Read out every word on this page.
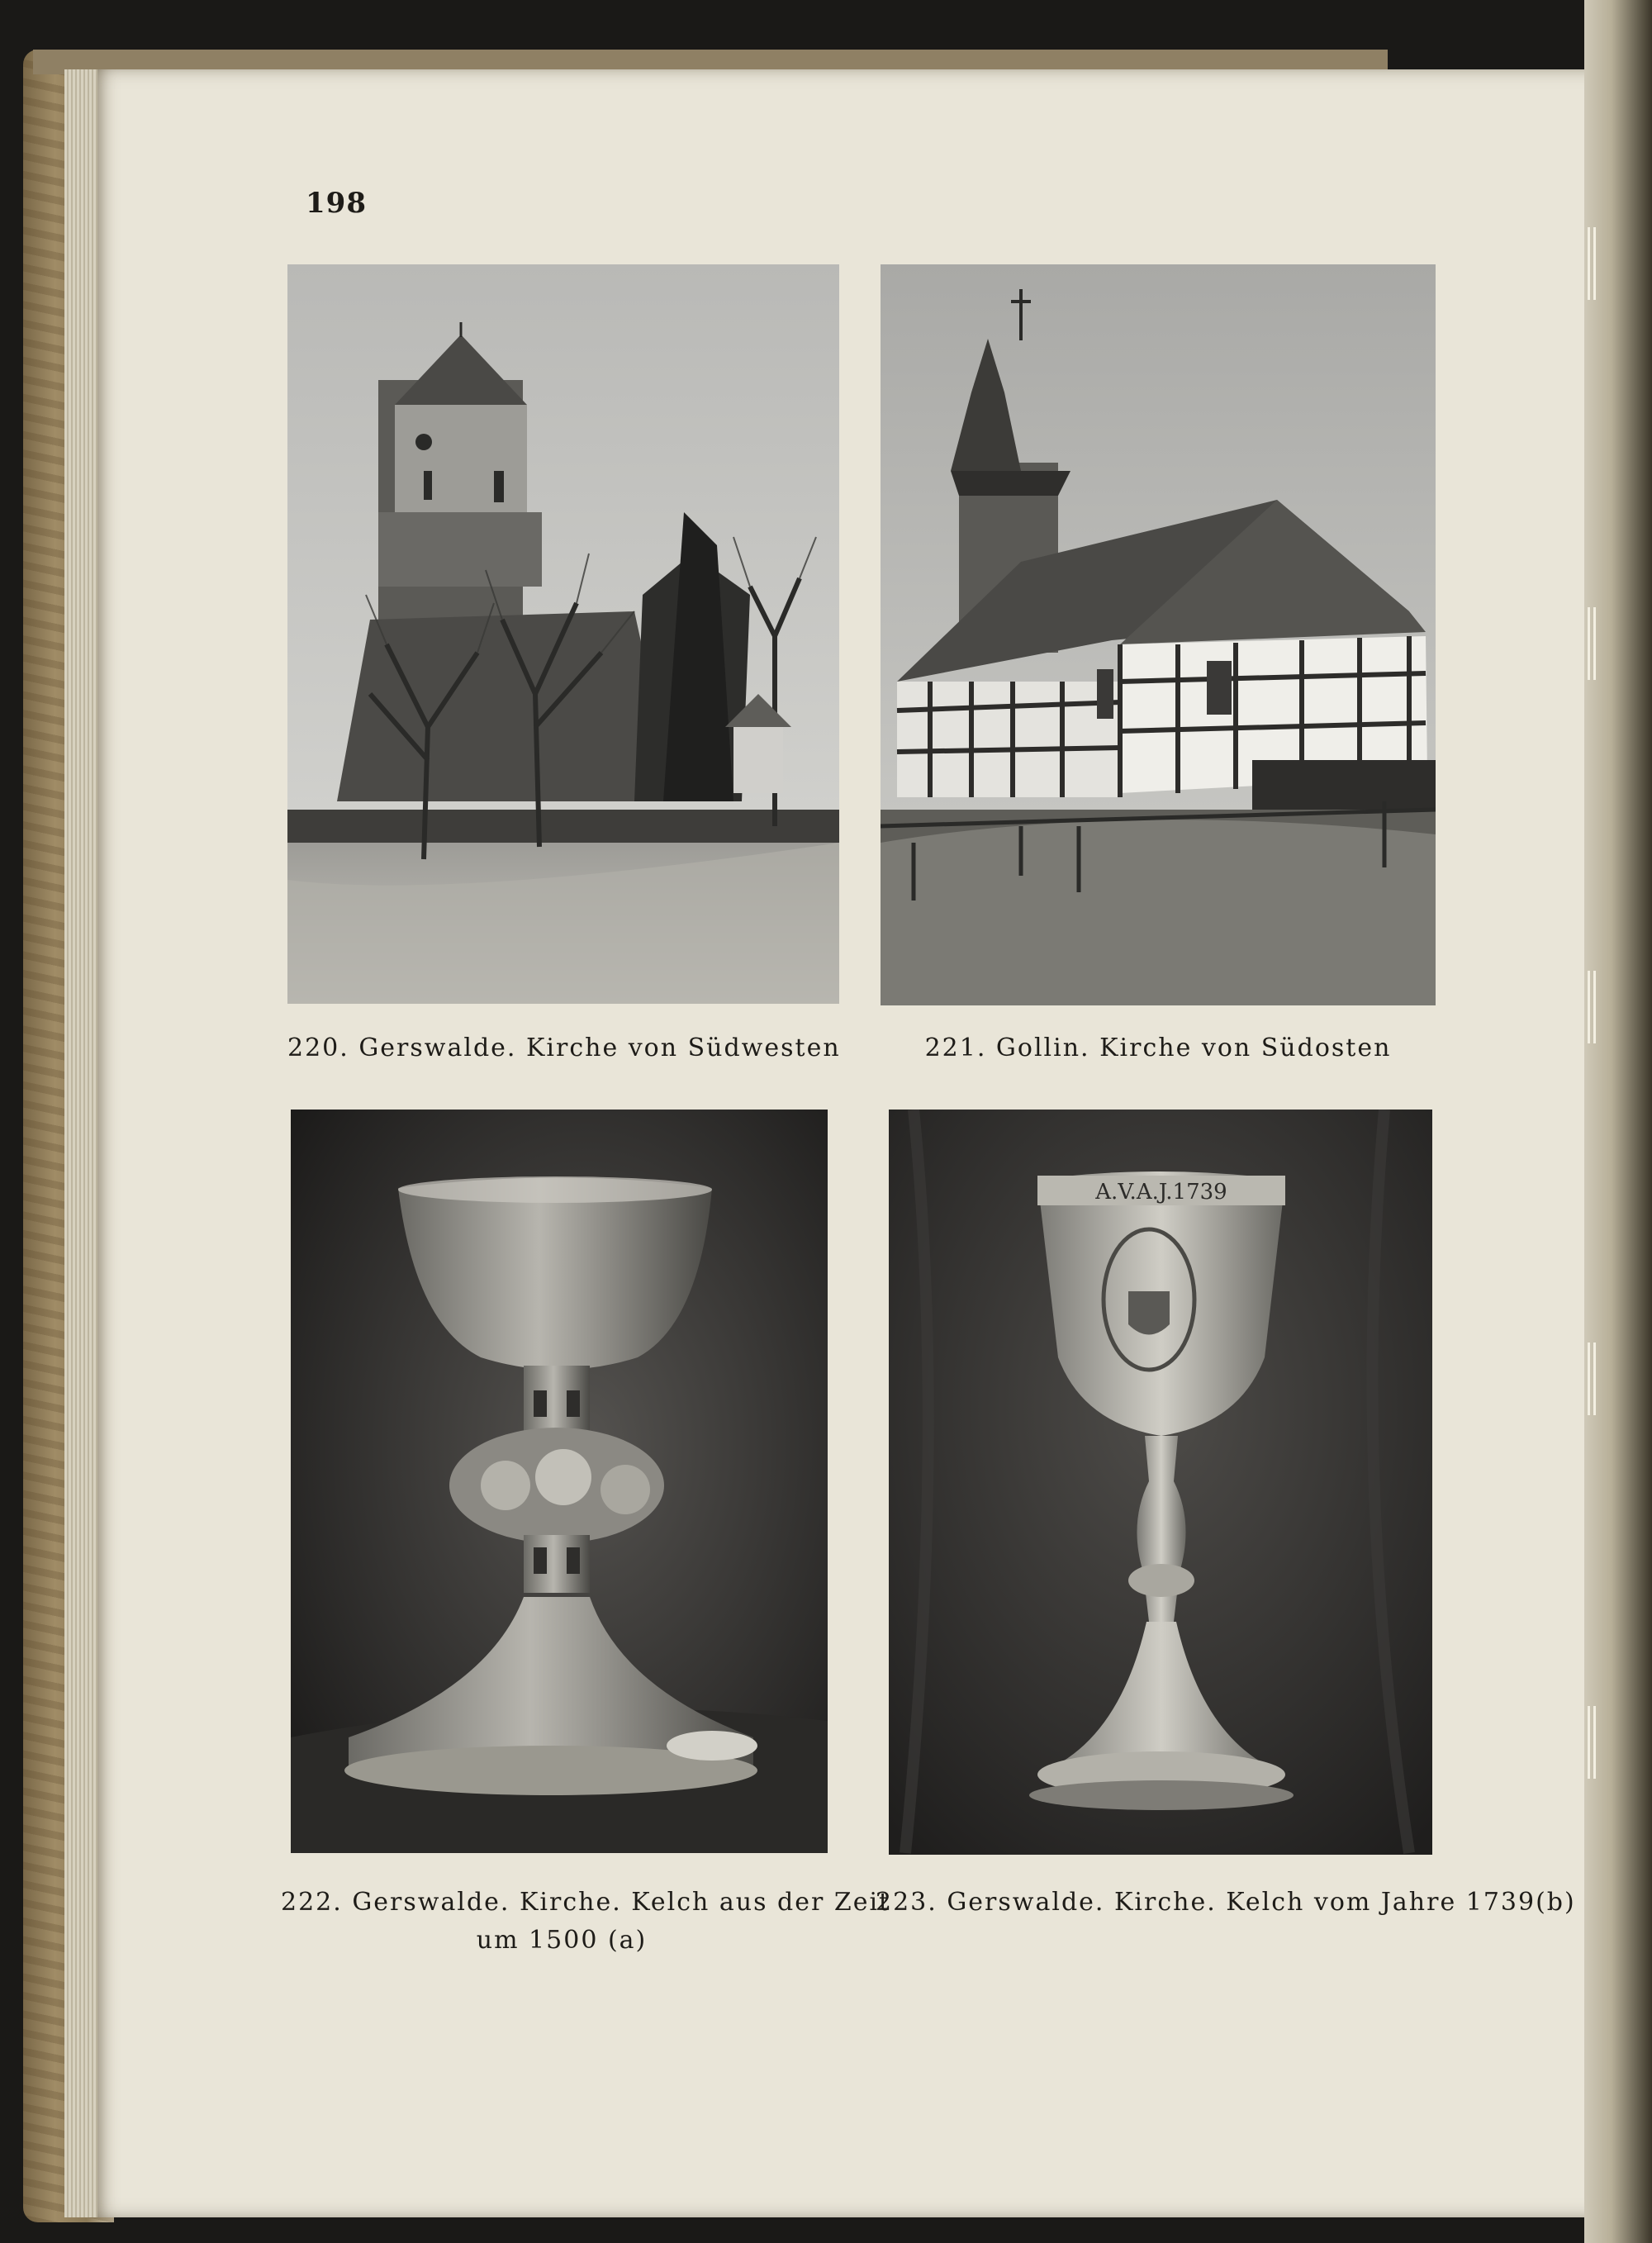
198
220. Gerswalde. Kirche von Südwesten	221. Gollin. Kirche von Südosten
222. Gerswalde. Kirche. Kelch aus der Zeit
um 1500 (a)
A.V.A.J.1739
223. Gerswalde. Kirche. Kelch vom Jahre 1739(b)
